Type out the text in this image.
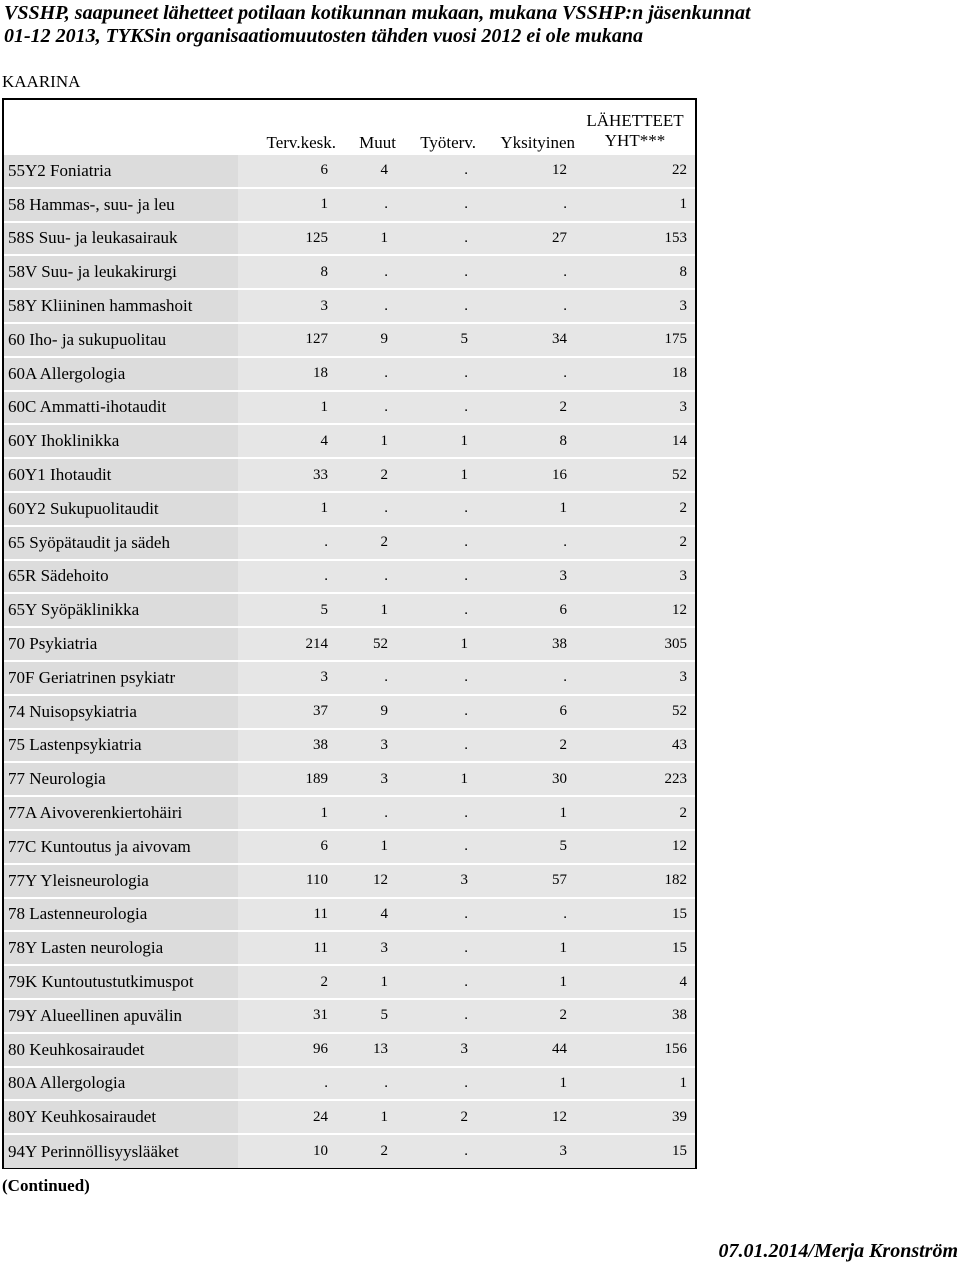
VSSHP, saapuneet lähetteet potilaan kotikunnan mukaan, mukana VSSHP:n jäsenkunnat
01-12 2013, TYKSin organisaatiomuutosten tähden vuosi 2012 ei ole mukana
KAARINA
	Terv.kesk.	Muut	Työterv.	Yksityinen	LÄHETTEET
YHT***

55Y2 Foniatria	6	4	.	12	22
58 Hammas-, suu- ja leu	1	.	.	.	1
58S Suu- ja leukasairauk	125	1	.	27	153
58V Suu- ja leukakirurgi	8	.	.	.	8
58Y Kliininen hammashoit	3	.	.	.	3
60 Iho- ja sukupuolitau	127	9	5	34	175
60A Allergologia	18	.	.	.	18
60C Ammatti-ihotaudit	1	.	.	2	3
60Y Ihoklinikka	4	1	1	8	14
60Y1 Ihotaudit	33	2	1	16	52
60Y2 Sukupuolitaudit	1	.	.	1	2
65 Syöpätaudit ja sädeh	.	2	.	.	2
65R Sädehoito	.	.	.	3	3
65Y Syöpäklinikka	5	1	.	6	12
70 Psykiatria	214	52	1	38	305
70F Geriatrinen psykiatr	3	.	.	.	3
74 Nuisopsykiatria	37	9	.	6	52
75 Lastenpsykiatria	38	3	.	2	43
77 Neurologia	189	3	1	30	223
77A Aivoverenkiertohäiri	1	.	.	1	2
77C Kuntoutus ja aivovam	6	1	.	5	12
77Y Yleisneurologia	110	12	3	57	182
78 Lastenneurologia	11	4	.	.	15
78Y Lasten neurologia	11	3	.	1	15
79K Kuntoutustutkimuspot	2	1	.	1	4
79Y Alueellinen apuvälin	31	5	.	2	38
80 Keuhkosairaudet	96	13	3	44	156
80A Allergologia	.	.	.	1	1
80Y Keuhkosairaudet	24	1	2	12	39
94Y Perinnöllisyyslääket	10	2	.	3	15
(Continued)
07.01.2014/Merja Kronström
